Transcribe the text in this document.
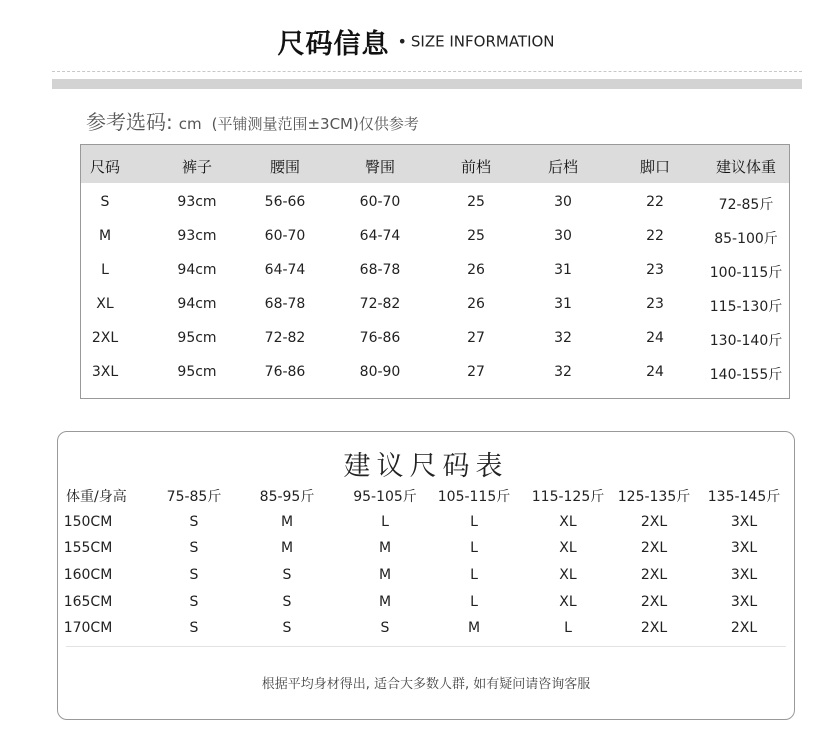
尺码信息 • SIZE INFORMATION
参考选码: cm (平铺测量范围±3CM)仅供参考
尺码	裤子	腰围	臀围	前档	后档	脚口	建议体重
S	93cm	56-66	60-70	25	30	22	72-85斤
M	93cm	60-70	64-74	25	30	22	85-100斤
L	94cm	64-74	68-78	26	31	23	100-115斤
XL	94cm	68-78	72-82	26	31	23	115-130斤
2XL	95cm	72-82	76-86	27	32	24	130-140斤
3XL	95cm	76-86	80-90	27	32	24	140-155斤
建议尺码表
体重/身高	75-85斤	85-95斤	95-105斤 105-115斤 115-125斤 125-135斤 135-145斤
根据平均身材得出, 适合大多数人群, 如有疑问请咨询客服
150CM	S	M	L	L	XL	2XL	3XL
155CM	S	M	M	L	XL	2XL	3XL
160CM	S	S	M	L	XL	2XL	3XL
165CM	S	S	M	L	XL	2XL	3XL
170CM	S	S	S	M	L	2XL	2XL
